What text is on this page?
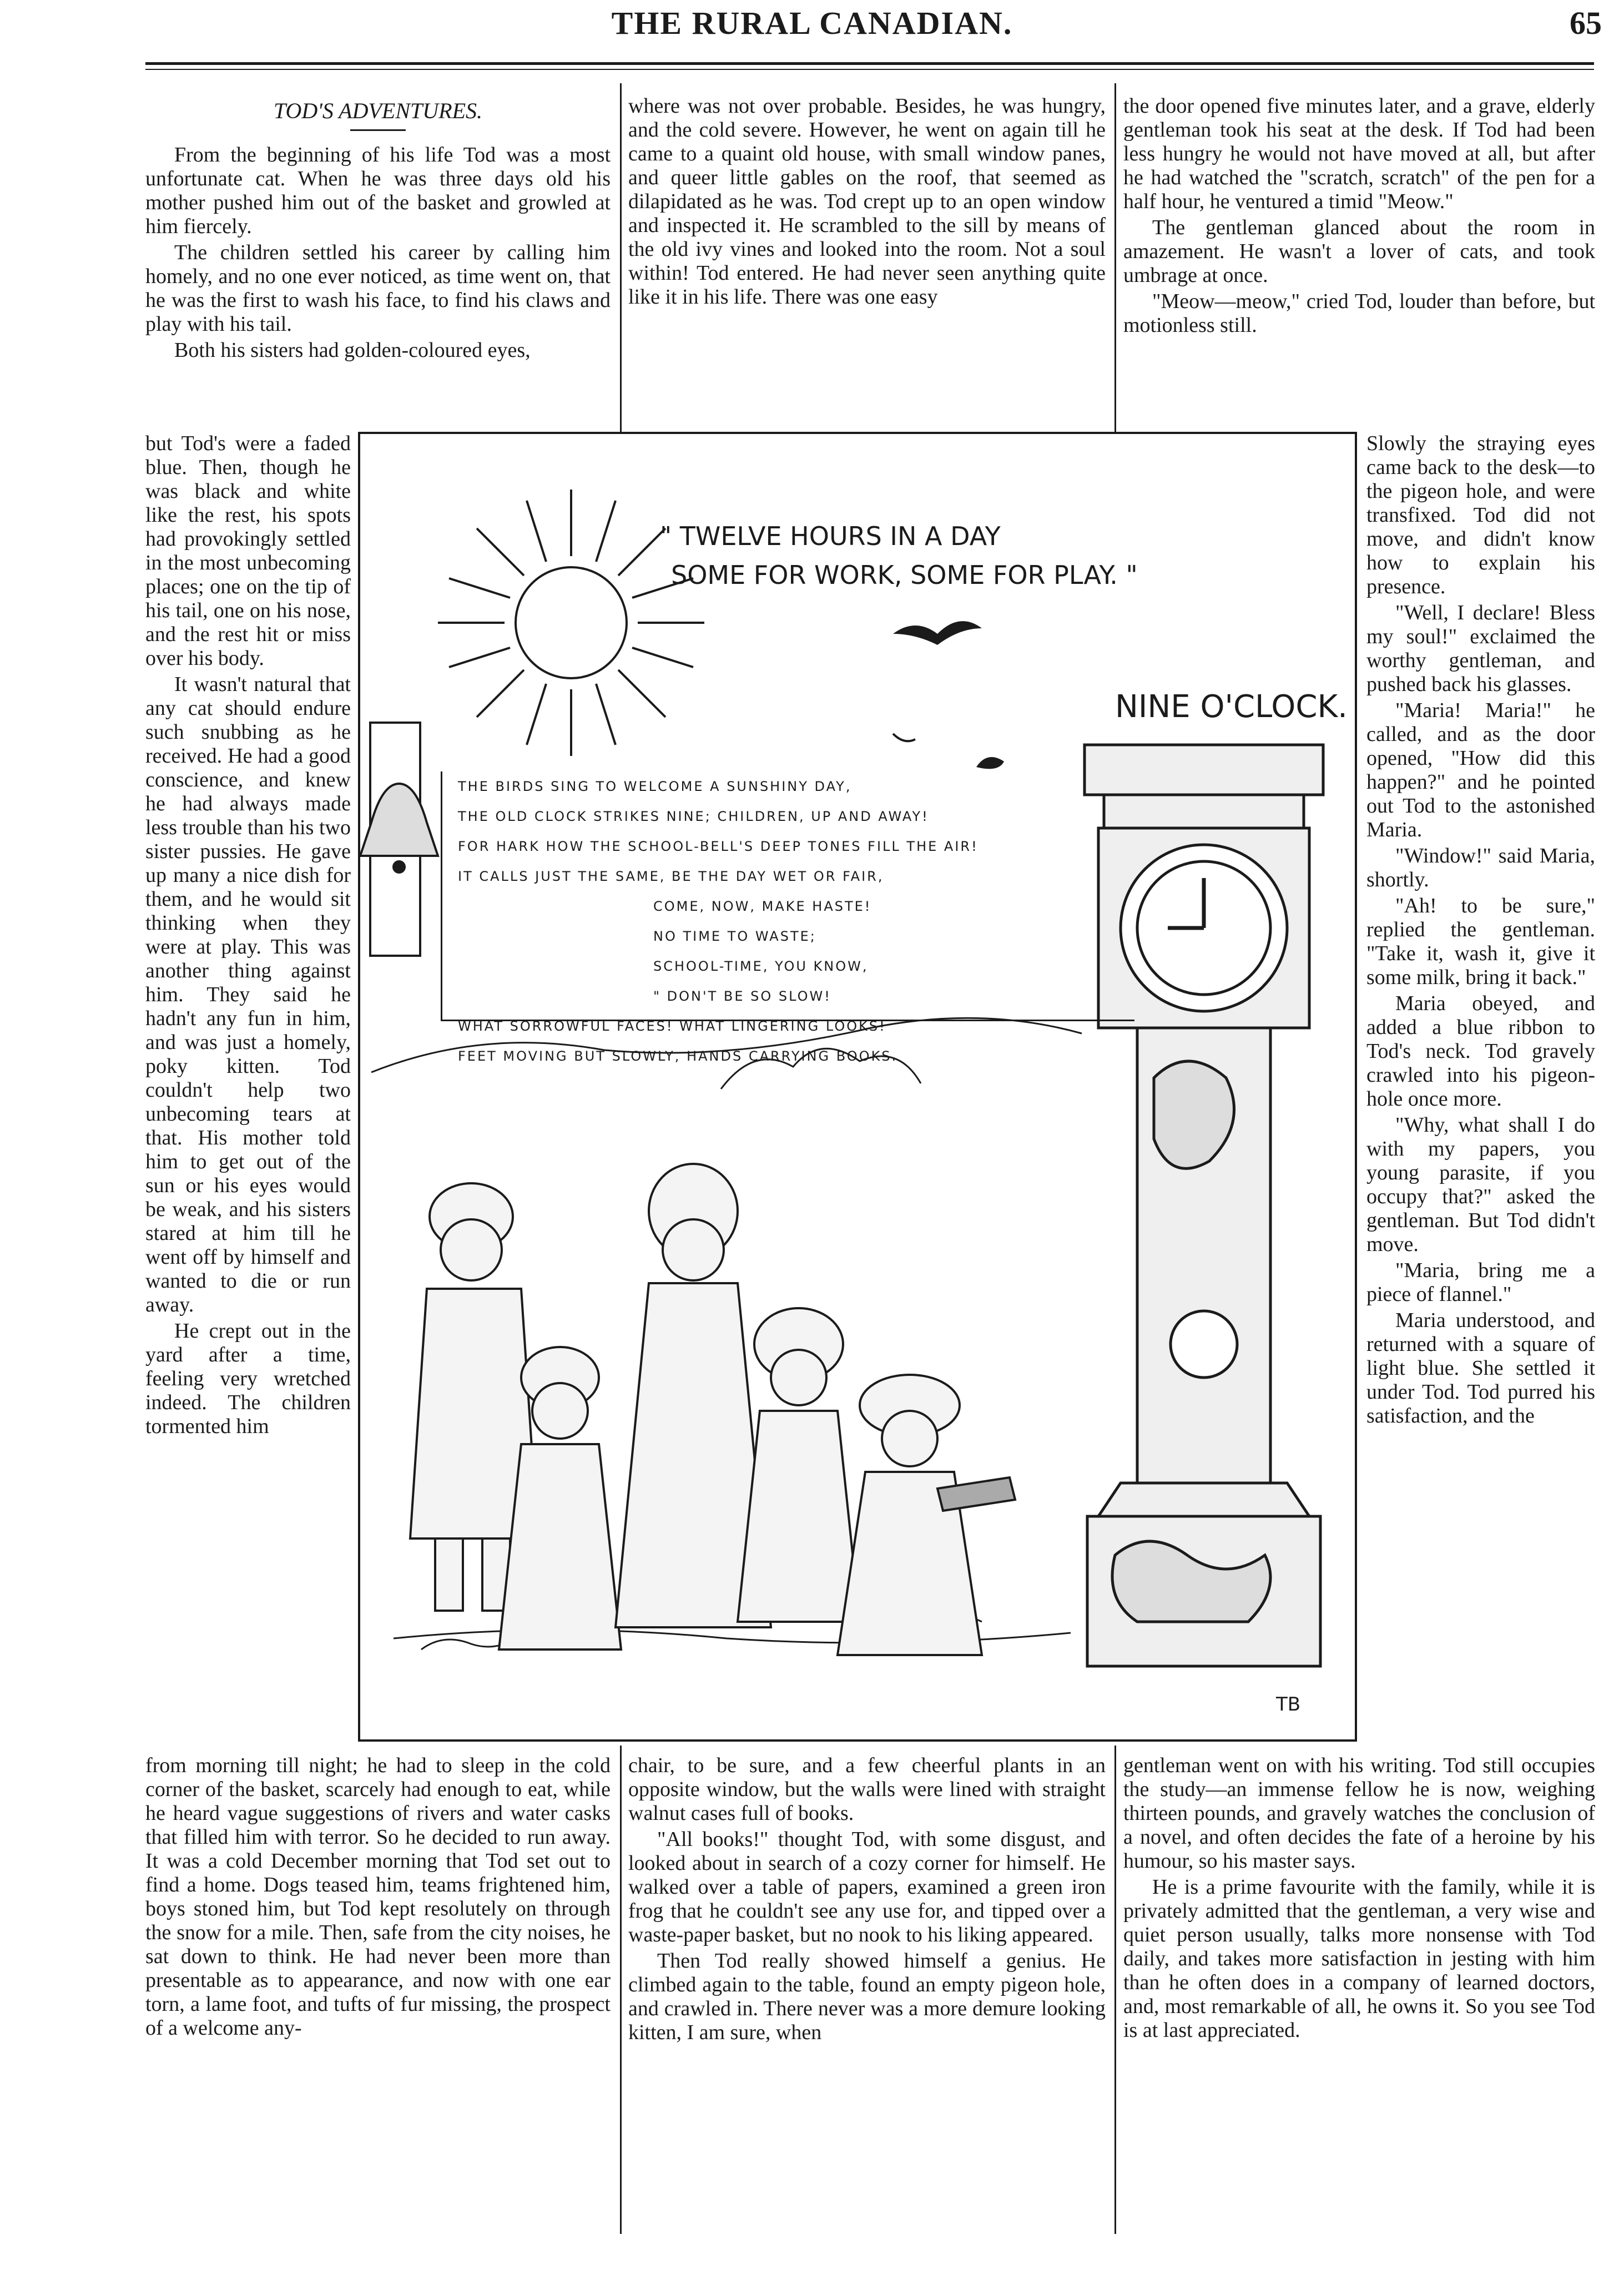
THE RURAL CANADIAN.	65
TOD'S ADVENTURES.

From the beginning of his life Tod was a most unfortunate cat. When he was three days old his mother pushed him out of the basket and growled at him fiercely.

The children settled his career by calling him homely, and no one ever noticed, as time went on, that he was the first to wash his face, to find his claws and play with his tail.

Both his sisters had golden-coloured eyes,

but Tod's were a faded blue. Then, though he was black and white like the rest, his spots had provokingly settled in the most unbecoming places; one on the tip of his tail, one on his nose, and the rest hit or miss over his body.

It wasn't natural that any cat should endure such snubbing as he received. He had a good conscience, and knew he had always made less trouble than his two sister pussies. He gave up many a nice dish for them, and he would sit thinking when they were at play. This was another thing against him. They said he hadn't any fun in him, and was just a homely, poky kitten. Tod couldn't help two unbecoming tears at that. His mother told him to get out of the sun or his eyes would be weak, and his sisters stared at him till he went off by himself and wanted to die or run away.

He crept out in the yard after a time, feeling very wretched indeed. The children tormented him

from morning till night; he had to sleep in the cold corner of the basket, scarcely had enough to eat, while he heard vague suggestions of rivers and water casks that filled him with terror. So he decided to run away. It was a cold December morning that Tod set out to find a home. Dogs teased him, teams frightened him, boys stoned him, but Tod kept resolutely on through the snow for a mile. Then, safe from the city noises, he sat down to think. He had never been more than presentable as to appearance, and now with one ear torn, a lame foot, and tufts of fur missing, the prospect of a welcome any-

where was not over probable. Besides, he was hungry, and the cold severe. However, he went on again till he came to a quaint old house, with small window panes, and queer little gables on the roof, that seemed as dilapidated as he was. Tod crept up to an open window and inspected it. He scrambled to the sill by means of the old ivy vines and looked into the room. Not a soul within! Tod entered. He had never seen anything quite like it in his life. There was one easy

chair, to be sure, and a few cheerful plants in an opposite window, but the walls were lined with straight walnut cases full of books.

"All books!" thought Tod, with some disgust, and looked about in search of a cozy corner for himself. He walked over a table of papers, examined a green iron frog that he couldn't see any use for, and tipped over a waste-paper basket, but no nook to his liking appeared.

Then Tod really showed himself a genius. He climbed again to the table, found an empty pigeon hole, and crawled in. There never was a more demure looking kitten, I am sure, when

the door opened five minutes later, and a grave, elderly gentleman took his seat at the desk. If Tod had been less hungry he would not have moved at all, but after he had watched the "scratch, scratch" of the pen for a half hour, he ventured a timid "Meow."

The gentleman glanced about the room in amazement. He wasn't a lover of cats, and took umbrage at once.

"Meow—meow," cried Tod, louder than before, but motionless still.

Slowly the straying eyes came back to the desk—to the pigeon hole, and were transfixed. Tod did not move, and didn't know how to explain his presence.

"Well, I declare! Bless my soul!" exclaimed the worthy gentleman, and pushed back his glasses.

"Maria! Maria!" he called, and as the door opened, "How did this happen?" and he pointed out Tod to the astonished Maria.

"Window!" said Maria, shortly.

"Ah! to be sure," replied the gentleman. "Take it, wash it, give it some milk, bring it back."

Maria obeyed, and added a blue ribbon to Tod's neck. Tod gravely crawled into his pigeon-hole once more.

"Why, what shall I do with my papers, you young parasite, if you occupy that?" asked the gentleman. But Tod didn't move.

"Maria, bring me a piece of flannel."

Maria understood, and returned with a square of light blue. She settled it under Tod. Tod purred his satisfaction, and the

gentleman went on with his writing. Tod still occupies the study—an immense fellow he is now, weighing thirteen pounds, and gravely watches the conclusion of a novel, and often decides the fate of a heroine by his humour, so his master says.

He is a prime favourite with the family, while it is privately admitted that the gentleman, a very wise and quiet person usually, talks more nonsense with Tod daily, and takes more satisfaction in jesting with him than he often does in a company of learned doctors, and, most remarkable of all, he owns it. So you see Tod is at last appreciated.

" TWELVE HOURS IN A DAY
SOME FOR WORK, SOME FOR PLAY. "
NINE O'CLOCK.
TB
THE BIRDS SING TO WELCOME A SUNSHINY DAY,
THE OLD CLOCK STRIKES NINE; CHILDREN, UP AND AWAY!
FOR HARK HOW THE SCHOOL-BELL'S DEEP TONES FILL THE AIR!
IT CALLS JUST THE SAME, BE THE DAY WET OR FAIR,
COME, NOW, MAKE HASTE!
NO TIME TO WASTE;
SCHOOL-TIME, YOU KNOW,
" DON'T BE SO SLOW!
WHAT SORROWFUL FACES! WHAT LINGERING LOOKS!
FEET MOVING BUT SLOWLY, HANDS CARRYING BOOKS.
